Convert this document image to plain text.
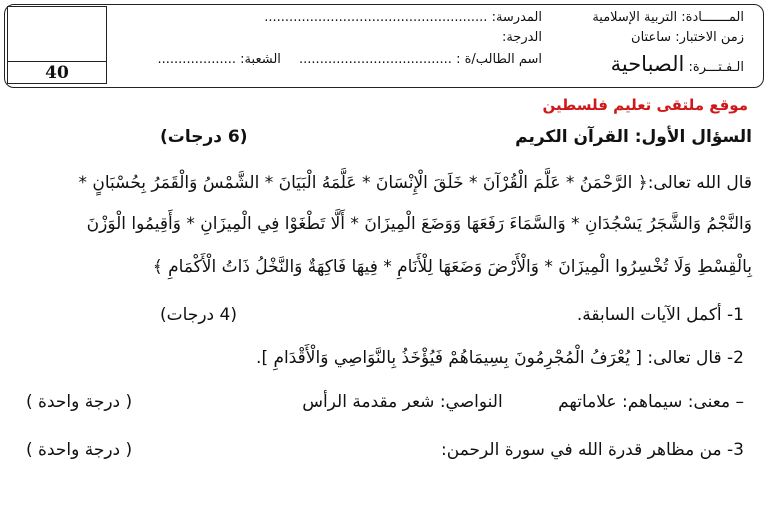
40
المـــــــادة: التربية الإسلامية
زمن الاختبار: ساعتان
الـفـتـــرة: الصباحية
المدرسة: ......................................................
الدرجة:
اسم الطالب/ة : ..................................... الشعبة: ...................
موقع ملتقى تعليم فلسطين
السؤال الأول: القرآن الكريم
(6 درجات)
قال الله تعالى:﴿ الرَّحْمَنُ * عَلَّمَ الْقُرْآنَ * خَلَقَ الْإِنْسَانَ * عَلَّمَهُ الْبَيَانَ * الشَّمْسُ وَالْقَمَرُ بِحُسْبَانٍ *
وَالنَّجْمُ وَالشَّجَرُ يَسْجُدَانِ * وَالسَّمَاءَ رَفَعَهَا وَوَضَعَ الْمِيزَانَ * أَلَّا تَطْغَوْا فِي الْمِيزَانِ * وَأَقِيمُوا الْوَزْنَ
بِالْقِسْطِ وَلَا تُخْسِرُوا الْمِيزَانَ * وَالْأَرْضَ وَضَعَهَا لِلْأَنَامِ * فِيهَا فَاكِهَةٌ وَالنَّخْلُ ذَاتُ الْأَكْمَامِ ﴾
1- أكمل الآيات السابقة.
(4 درجات)
2- قال تعالى: [ يُعْرَفُ الْمُجْرِمُونَ بِسِيمَاهُمْ فَيُؤْخَذُ بِالنَّوَاصِي وَالْأَقْدَامِ ].
– معنى: سيماهم: علاماتهم النواصي: شعر مقدمة الرأس
( درجة واحدة )
3- من مظاهر قدرة الله في سورة الرحمن:
( درجة واحدة )
